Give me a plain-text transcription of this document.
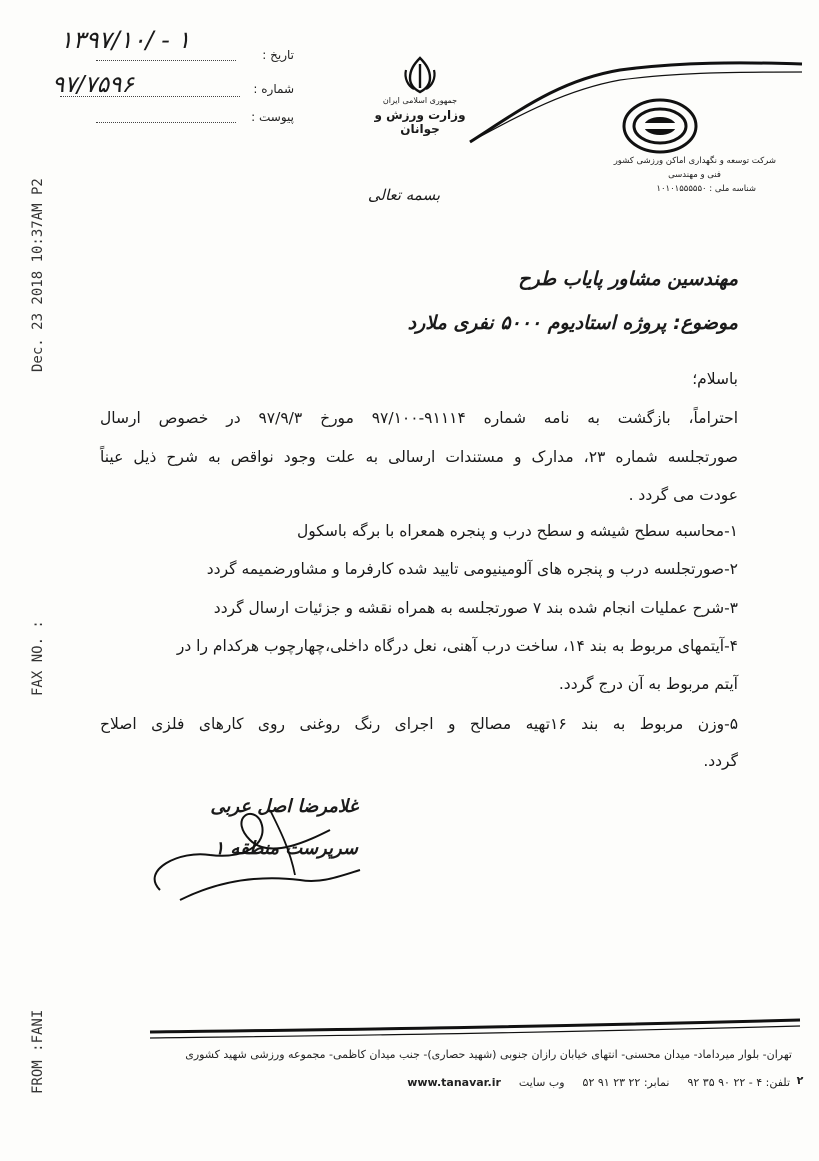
Dec. 23 2018 10:37AM P2
FAX NO. :
FROM :FANI
۱۳۹۷/۱۰/ - ۱
تاریخ :
۹۷/۷۵۹۶	شماره :
پیوست :
جمهوری اسلامی ایران
وزارت ورزش و جوانان
شرکت توسعه و نگهداری اماکن ورزشی کشور
فنی و مهندسی
شناسه ملی : ۱۰۱۰۱۵۵۵۵۵۰
بسمه تعالی
مهندسین مشاور پایاب طرح
موضوع: پروژه استادیوم ۵۰۰۰ نفری ملارد
باسلام؛
احتراماً، بازگشت به نامه شماره ۹۱۱۱۴-۹۷/۱۰۰ مورخ ۹۷/۹/۳ در خصوص ارسال
صورتجلسه شماره ۲۳، مدارک و مستندات ارسالی به علت وجود نواقص به شرح ذیل عیناً
عودت می گردد .
۱-محاسبه سطح شیشه و سطح درب و پنجره همعراه با برگه باسکول
۲-صورتجلسه درب و پنجره های آلومینیومی تایید شده کارفرما و مشاورضمیمه گردد
۳-شرح عملیات انجام شده بند ۷ صورتجلسه به همراه نقشه و جزئیات ارسال گردد
۴-آیتمهای مربوط به بند ۱۴، ساخت درب آهنی، نعل درگاه داخلی،چهارچوب هرکدام را در
آیتم مربوط به آن درج گردد.
۵-وزن مربوط به بند ۱۶تهیه مصالح و اجرای رنگ روغنی روی کارهای فلزی اصلاح
گردد.
غلامرضا اصل عربی
سرپرست منطقه ۱
تهران- بلوار میرداماد- میدان محسنی- انتهای خیابان رازان جنوبی (شهید حصاری)- جنب میدان کاظمی- مجموعه ورزشی شهید کشوری
تلفن: ۴ - ۲۲ ۹۰ ۳۵ ۹۲
نمابر: ۲۲ ۲۳ ۹۱ ۵۲
وب سایت
www.tanavar.ir	۲
